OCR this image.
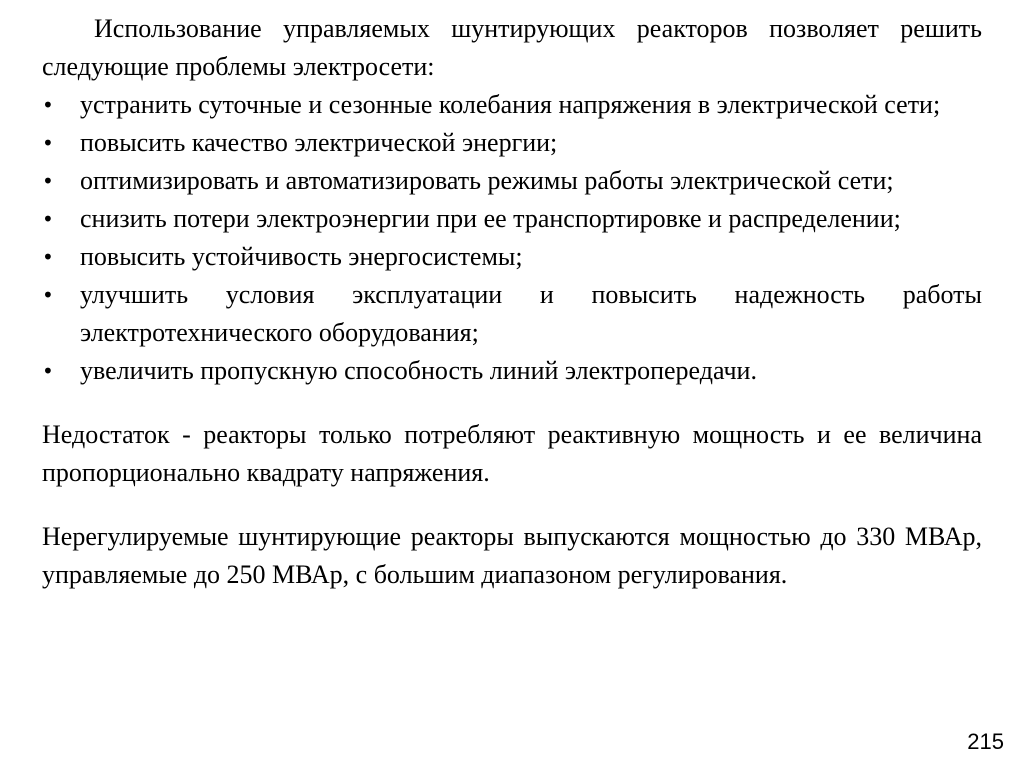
Использование управляемых шунтирующих реакторов позволяет решить следующие проблемы электросети:

•	устранить суточные и сезонные колебания напряжения в электрической сети;
•	повысить качество электрической энергии;
•	оптимизировать и автоматизировать режимы работы электрической сети;
•	снизить потери электроэнергии при ее транспортировке и распределении;
•	повысить устойчивость энергосистемы;
•	улучшить условия эксплуатации и повысить надежность работы электротехнического оборудования;
•	увеличить пропускную способность линий электропередачи.

Недостаток - реакторы только потребляют реактивную мощность и ее величина пропорционально квадрату напряжения.

Нерегулируемые шунтирующие реакторы выпускаются мощностью до 330 МВАр, управляемые до 250 МВАр, с большим диапазоном регулирования.

215
